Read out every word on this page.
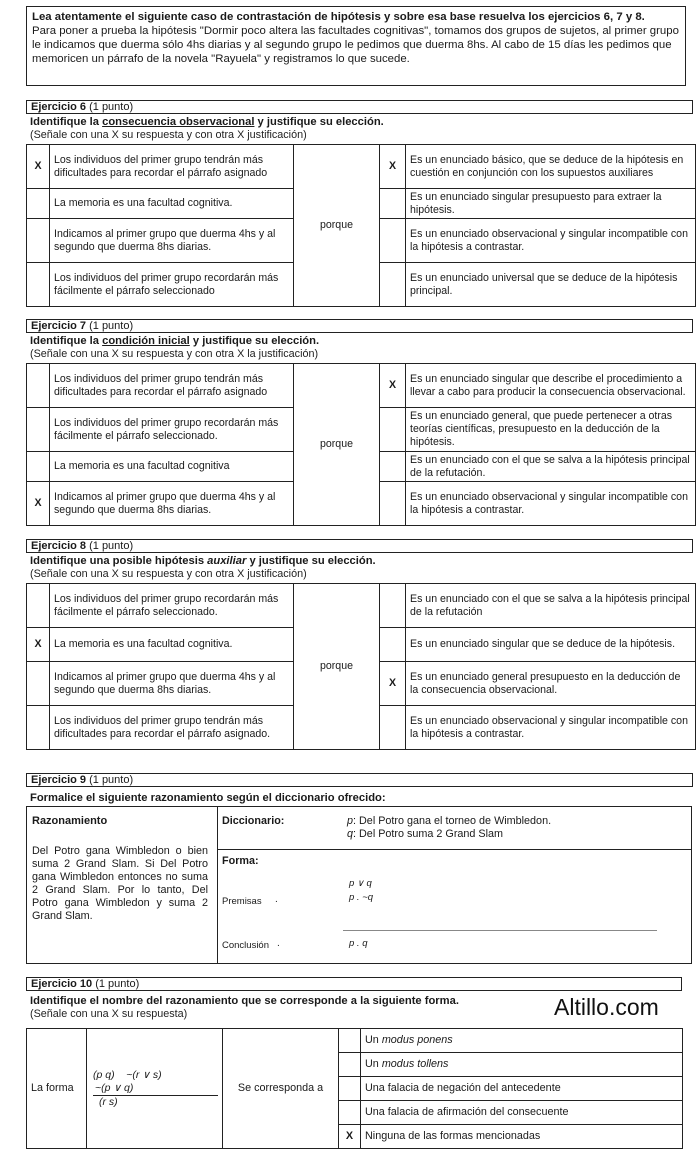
Lea atentamente el siguiente caso de contrastación de hipótesis y sobre esa base resuelva los ejercicios 6, 7 y 8.
Para poner a prueba la hipótesis "Dormir poco altera las facultades cognitivas", tomamos dos grupos de sujetos, al primer grupo le indicamos que duerma sólo 4hs diarias y al segundo grupo le pedimos que duerma 8hs. Al cabo de 15 días les pedimos que memoricen un párrafo de la novela "Rayuela" y registramos lo que sucede.
Ejercicio 6 (1 punto)
Identifique la consecuencia observacional y justifique su elección.
(Señale con una X su respuesta y con otra X justificación)
X	Los individuos del primer grupo tendrán más dificultades para recordar el párrafo asignado	porque	X	Es un enunciado básico, que se deduce de la hipótesis en cuestión en conjunción con los supuestos auxiliares
	La memoria es una facultad cognitiva.			Es un enunciado singular presupuesto para extraer la hipótesis.
	Indicamos al primer grupo que duerma 4hs y al segundo que duerma 8hs diarias.			Es un enunciado observacional y singular incompatible con la hipótesis a contrastar.
	Los individuos del primer grupo recordarán más fácilmente el párrafo seleccionado			Es un enunciado universal que se deduce de la hipótesis principal.
Ejercicio 7 (1 punto)
Identifique la condición inicial y justifique su elección.
(Señale con una X su respuesta y con otra X la justificación)
	Los individuos del primer grupo tendrán más dificultades para recordar el párrafo asignado	porque	X	Es un enunciado singular que describe el procedimiento a llevar a cabo para producir la consecuencia observacional.
	Los individuos del primer grupo recordarán más fácilmente el párrafo seleccionado.			Es un enunciado general, que puede pertenecer a otras teorías científicas, presupuesto en la deducción de la hipótesis.
	La memoria es una facultad cognitiva			Es un enunciado con el que se salva a la hipótesis principal de la refutación.
X	Indicamos al primer grupo que duerma 4hs y al segundo que duerma 8hs diarias.			Es un enunciado observacional y singular incompatible con la hipótesis a contrastar.
Ejercicio 8 (1 punto)
Identifique una posible hipótesis auxiliar y justifique su elección.
(Señale con una X su respuesta y con otra X justificación)
	Los individuos del primer grupo recordarán más fácilmente el párrafo seleccionado.	porque		Es un enunciado con el que se salva a la hipótesis principal de la refutación
X	La memoria es una facultad cognitiva.			Es un enunciado singular que se deduce de la hipótesis.
	Indicamos al primer grupo que duerma 4hs y al segundo que duerma 8hs diarias.		X	Es un enunciado general presupuesto en la deducción de la consecuencia observacional.
	Los individuos del primer grupo tendrán más dificultades para recordar el párrafo asignado.			Es un enunciado observacional y singular incompatible con la hipótesis a contrastar.
Ejercicio 9 (1 punto)
Formalice el siguiente razonamiento según el diccionario ofrecido:
Razonamiento
Del Potro gana Wimbledon o bien suma 2 Grand Slam. Si Del Potro gana Wimbledon entonces no suma 2 Grand Slam. Por lo tanto, Del Potro gana Wimbledon y suma 2 Grand Slam.
Diccionario:	p: Del Potro gana el torneo de Wimbledon.
q: Del Potro suma 2 Grand Slam
Forma:
p ∨ q
Premisas .	p . ~q
Conclusión .	p . q
Ejercicio 10 (1 punto)
Altillo.com
Identifique el nombre del razonamiento que se corresponde a la siguiente forma.
(Señale con una X su respuesta)
La forma	(p q) ~(r ∨ s)
~(p ∨ q)
(r s)	Se corresponda a		Un modus ponens
				Un modus tollens
				Una falacia de negación del antecedente
				Una falacia de afirmación del consecuente
			X	Ninguna de las formas mencionadas
